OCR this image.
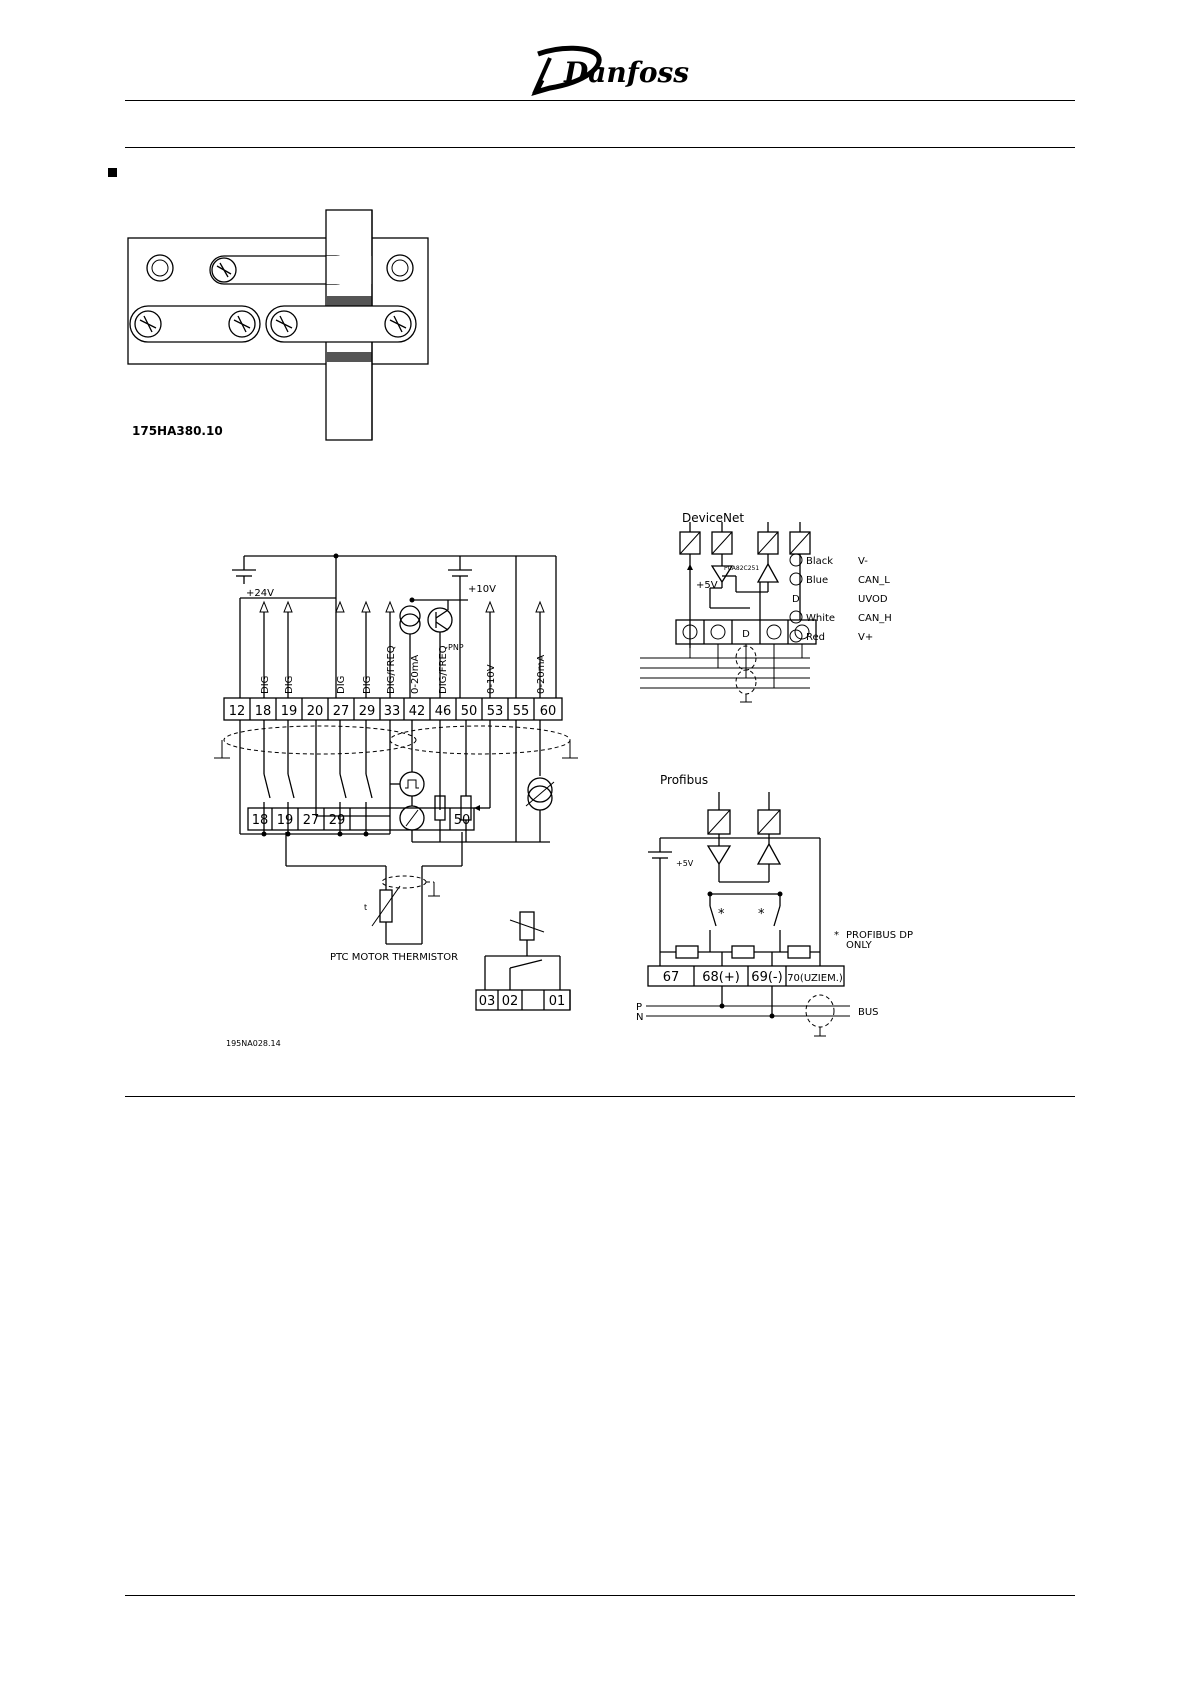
Danfoss
175HA380.10
+24V	+10V
PNP
DIG DIG	DIG DIG DIG/FREQ 0-20mA DIG/FREQ	0-10V	0-20mA
12 18 19 20 27 29 33 42 46 50 53 55 60
18 19 27 29	50
PTC MOTOR THERMISTOR
t
03 02 01
195NA028.14
DeviceNet
+5V
PCA82C251
D
Black V-
Blue	CAN_L
D	UVOD
White CAN_H
Red	V+
Profibus
+5V
*	*
67 68(+) 69(-) 70(UZIEM.)
P
N	BUS
* PROFIBUS DP
ONLY
